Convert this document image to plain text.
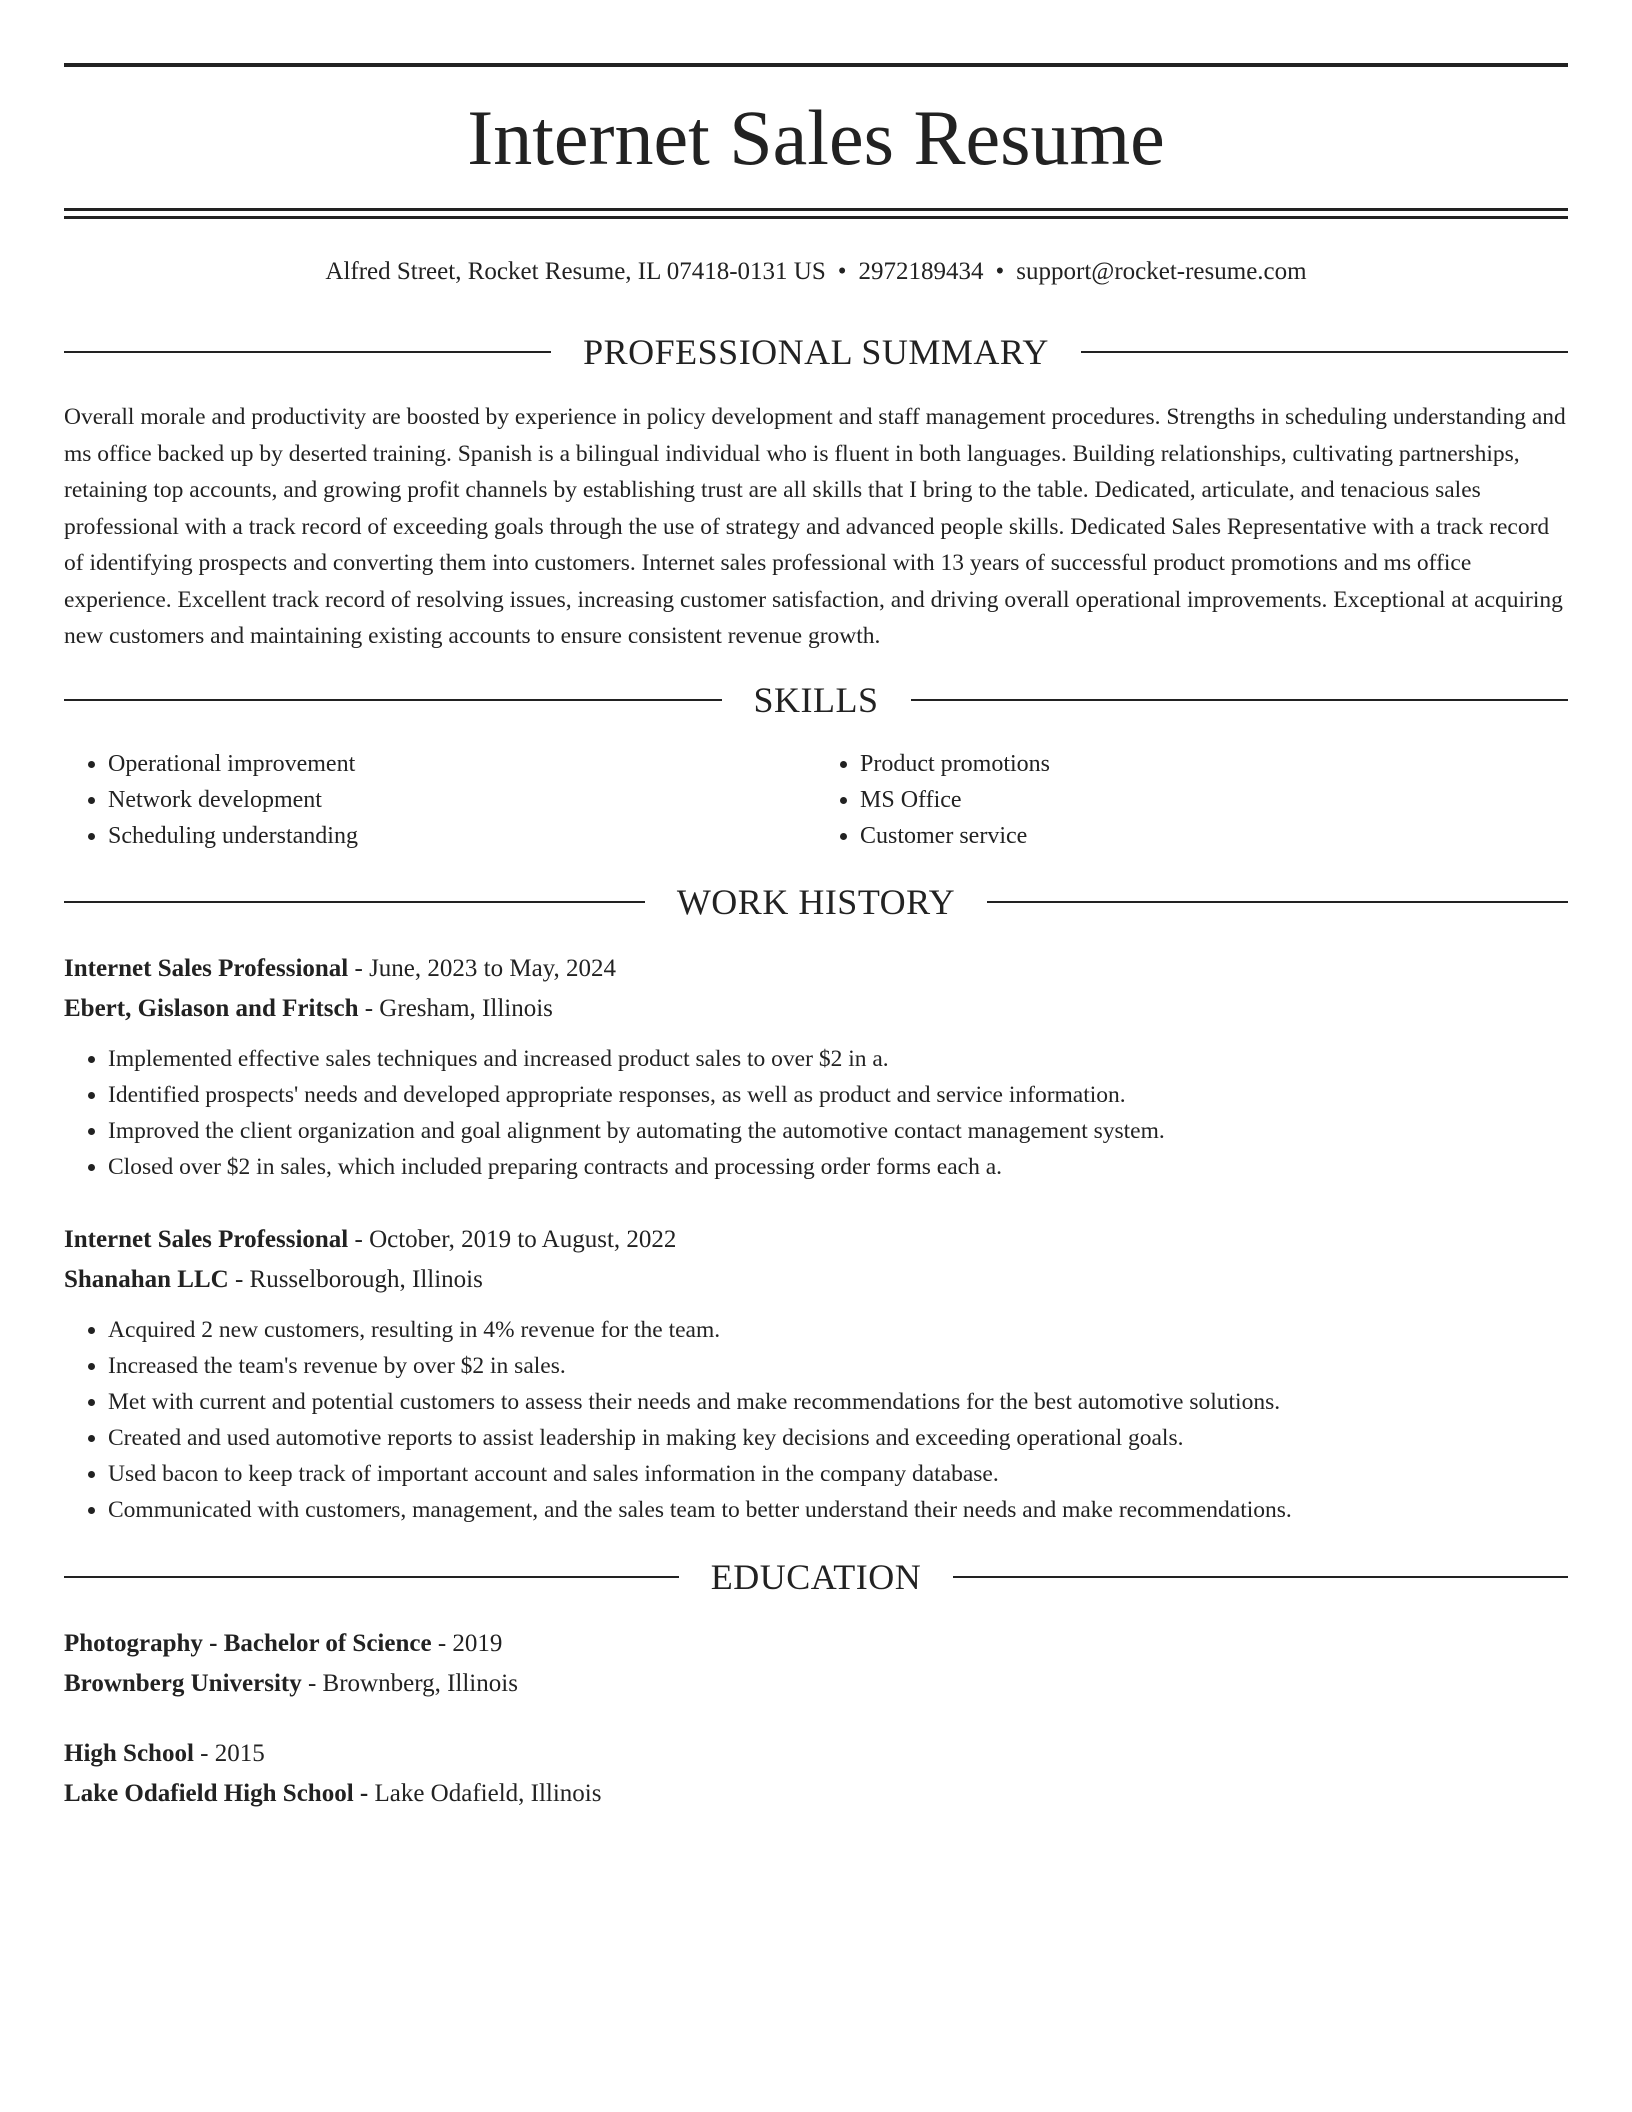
Internet Sales Resume
Alfred Street, Rocket Resume, IL 07418-0131 US • 2972189434 • support@rocket-resume.com
PROFESSIONAL SUMMARY

Overall morale and productivity are boosted by experience in policy development and staff management procedures. Strengths in scheduling understanding and ms office backed up by deserted training. Spanish is a bilingual individual who is fluent in both languages. Building relationships, cultivating partnerships, retaining top accounts, and growing profit channels by establishing trust are all skills that I bring to the table. Dedicated, articulate, and tenacious sales professional with a track record of exceeding goals through the use of strategy and advanced people skills. Dedicated Sales Representative with a track record of identifying prospects and converting them into customers. Internet sales professional with 13 years of successful product promotions and ms office experience. Excellent track record of resolving issues, increasing customer satisfaction, and driving overall operational improvements. Exceptional at acquiring new customers and maintaining existing accounts to ensure consistent revenue growth.

SKILLS
• Operational improvement
• Network development
• Scheduling understanding
• Product promotions
• MS Office
• Customer service
WORK HISTORY

Internet Sales Professional - June, 2023 to May, 2024

Ebert, Gislason and Fritsch - Gresham, Illinois

• Implemented effective sales techniques and increased product sales to over $2 in a.
• Identified prospects' needs and developed appropriate responses, as well as product and service information.
• Improved the client organization and goal alignment by automating the automotive contact management system.
• Closed over $2 in sales, which included preparing contracts and processing order forms each a.

Internet Sales Professional - October, 2019 to August, 2022

Shanahan LLC - Russelborough, Illinois

• Acquired 2 new customers, resulting in 4% revenue for the team.
• Increased the team's revenue by over $2 in sales.
• Met with current and potential customers to assess their needs and make recommendations for the best automotive solutions.
• Created and used automotive reports to assist leadership in making key decisions and exceeding operational goals.
• Used bacon to keep track of important account and sales information in the company database.
• Communicated with customers, management, and the sales team to better understand their needs and make recommendations.
EDUCATION

Photography - Bachelor of Science - 2019

Brownberg University - Brownberg, Illinois

High School - 2015

Lake Odafield High School - Lake Odafield, Illinois
